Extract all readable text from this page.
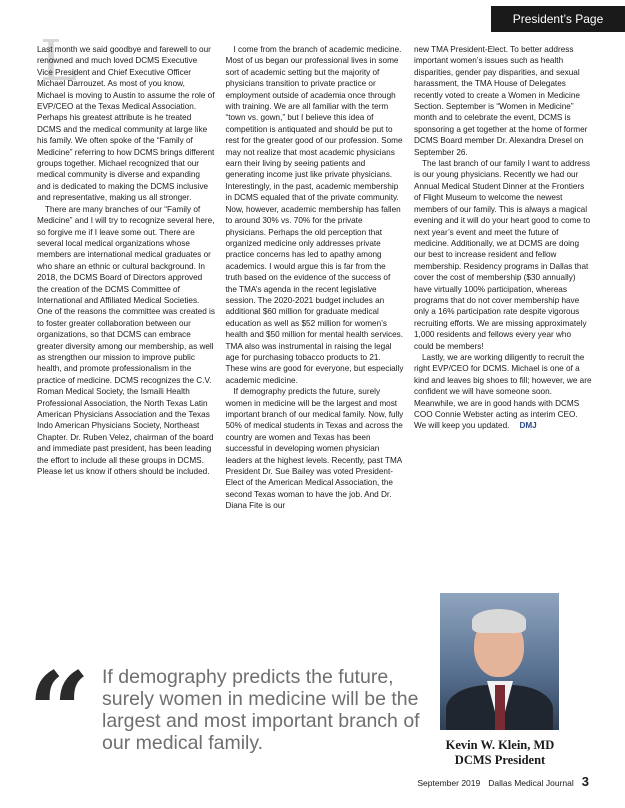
President’s Page
L

Last month we said goodbye and farewell to our renowned and much loved DCMS Executive Vice President and Chief Executive Officer Michael Darrouzet. As most of you know, Michael is moving to Austin to assume the role of EVP/CEO at the Texas Medical Association. Perhaps his greatest attribute is he treated DCMS and the medical community at large like his family. We often spoke of the “Family of Medicine” referring to how DCMS brings different groups together. Michael recognized that our medical community is diverse and expanding and is dedicated to making the DCMS inclusive and representative, making us all stronger.

There are many branches of our “Family of Medicine” and I will try to recognize several here, so forgive me if I leave some out. There are several local medical organizations whose members are international medical graduates or who share an ethnic or cultural background. In 2018, the DCMS Board of Directors approved the creation of the DCMS Committee of International and Affiliated Medical Societies. One of the reasons the committee was created is to foster greater collaboration between our organizations, so that DCMS can embrace greater diversity among our membership, as well as strengthen our mission to improve public health, and promote professionalism in the practice of medicine. DCMS recognizes the C.V. Roman Medical Society, the Ismaili Health Professional Association, the North Texas Latin American Physicians Association and the Texas Indo American Physicians Society, Northeast Chapter. Dr. Ruben Velez, chairman of the board and immediate past president, has been leading the effort to include all these groups in DCMS. Please let us know if others should be included.

I come from the branch of academic medicine. Most of us began our professional lives in some sort of academic setting but the majority of physicians transition to private practice or employment outside of academia once through with training. We are all familiar with the term “town vs. gown,” but I believe this idea of competition is antiquated and should be put to rest for the greater good of our profession. Some may not realize that most academic physicians earn their living by seeing patients and generating income just like private physicians. Interestingly, in the past, academic membership in DCMS equaled that of the private community. Now, however, academic membership has fallen to around 30% vs. 70% for the private physicians. Perhaps the old perception that organized medicine only addresses private practice concerns has led to apathy among academics. I would argue this is far from the truth based on the evidence of the success of the TMA’s agenda in the recent legislative session. The 2020-2021 budget includes an additional $60 million for graduate medical education as well as $52 million for women’s health and $50 million for mental health services. TMA also was instrumental in raising the legal age for purchasing tobacco products to 21. These wins are good for everyone, but especially academic medicine.

If demography predicts the future, surely women in medicine will be the largest and most important branch of our medical family. Now, fully 50% of medical students in Texas and across the country are women and Texas has been successful in developing women physician leaders at the highest levels. Recently, past TMA President Dr. Sue Bailey was voted President-Elect of the American Medical Association, the second Texas woman to have the job. And Dr. Diana Fite is our

new TMA President-Elect. To better address important women’s issues such as health disparities, gender pay disparities, and sexual harassment, the TMA House of Delegates recently voted to create a Women in Medicine Section. September is “Women in Medicine” month and to celebrate the event, DCMS is sponsoring a get together at the home of former DCMS Board member Dr. Alexandra Dresel on September 26.

The last branch of our family I want to address is our young physicians. Recently we had our Annual Medical Student Dinner at the Frontiers of Flight Museum to welcome the newest members of our family. This is always a magical evening and it will do your heart good to come to next year’s event and meet the future of medicine. Additionally, we at DCMS are doing our best to increase resident and fellow membership. Residency programs in Dallas that cover the cost of membership ($30 annually) have virtually 100% participation, whereas programs that do not cover membership have only a 16% participation rate despite vigorous recruiting efforts. We are missing approximately 1,000 residents and fellows every year who could be members!

Lastly, we are working diligently to recruit the right EVP/CEO for DCMS. Michael is one of a kind and leaves big shoes to fill; however, we are confident we will have someone soon. Meanwhile, we are in good hands with DCMS COO Connie Webster acting as interim CEO. We will keep you updated. DMJ

“ If demography predicts the future, surely women in medicine will be the largest and most important branch of our medical family.	Kevin W. Klein, MD
DCMS President
September 2019 Dallas Medical Journal 3
